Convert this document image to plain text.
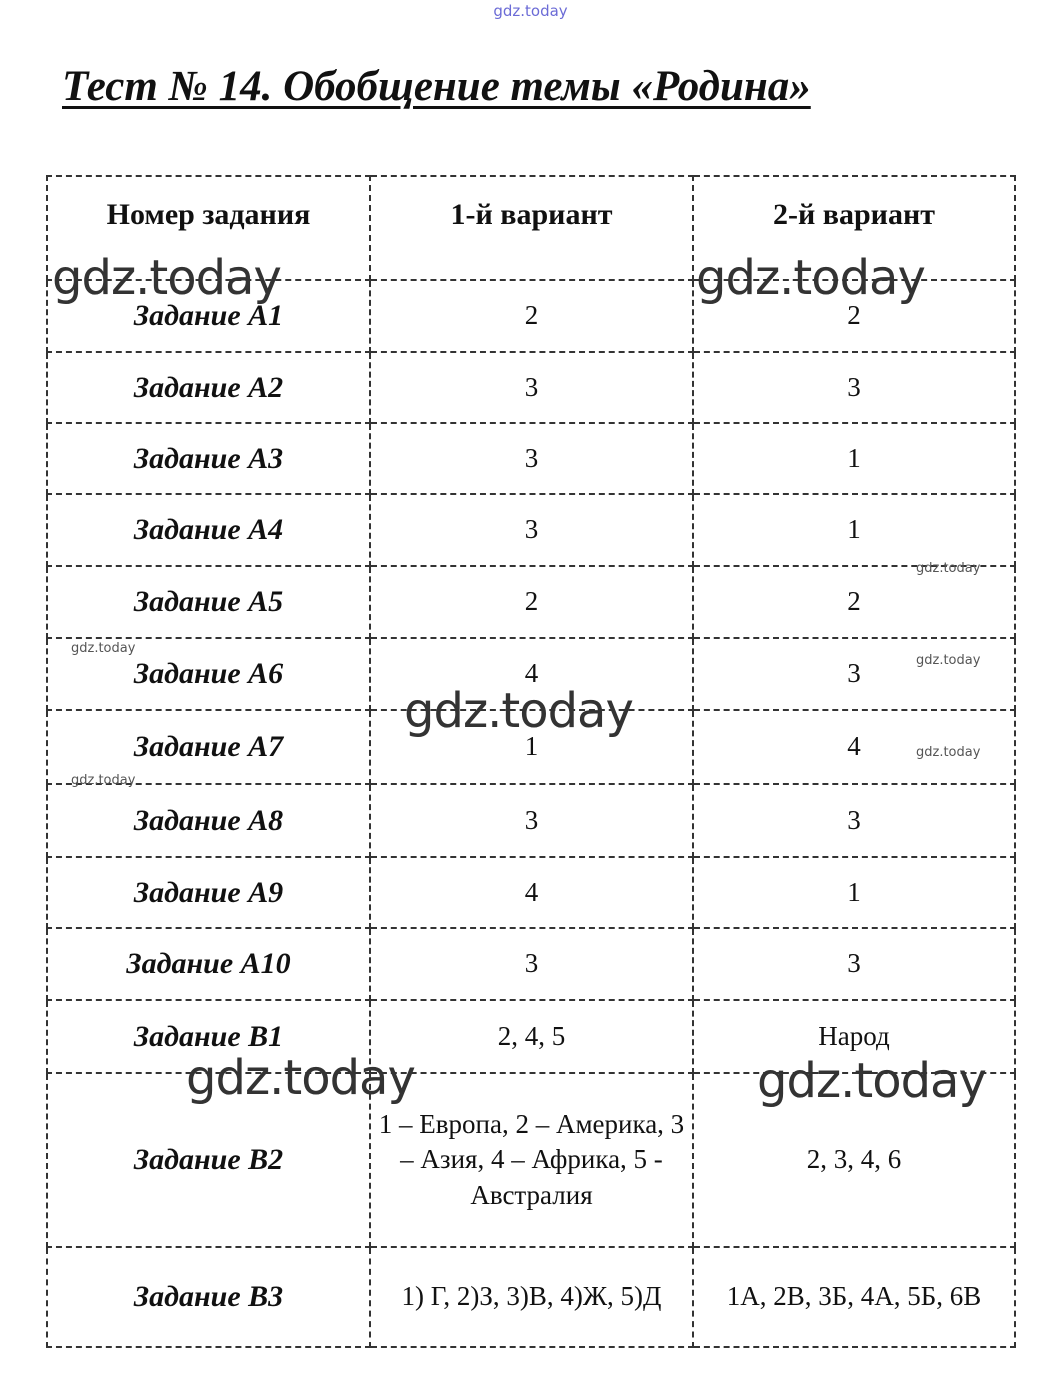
gdz.today
Тест № 14. Обобщение темы «Родина»
Номер задания	1-й вариант	2-й вариант
Задание А1	2	2
Задание А2	3	3
Задание А3	3	1
Задание А4	3	1
Задание А5	2	2
Задание А6	4	3
Задание А7	1	4
Задание А8	3	3
Задание А9	4	1
Задание А10	3	3
Задание В1	2, 4, 5	Народ
Задание В2	1 – Европа, 2 – Америка, 3 – Азия, 4 – Африка, 5 - Австралия	2, 3, 4, 6
Задание В3	1) Г, 2)З, 3)В, 4)Ж, 5)Д	1А, 2В, 3Б, 4А, 5Б, 6В
gdz.today	gdz.today
gdz.today
gdz.today	gdz.today
gdz.today
gdz.today
gdz.today
gdz.today
gdz.today
